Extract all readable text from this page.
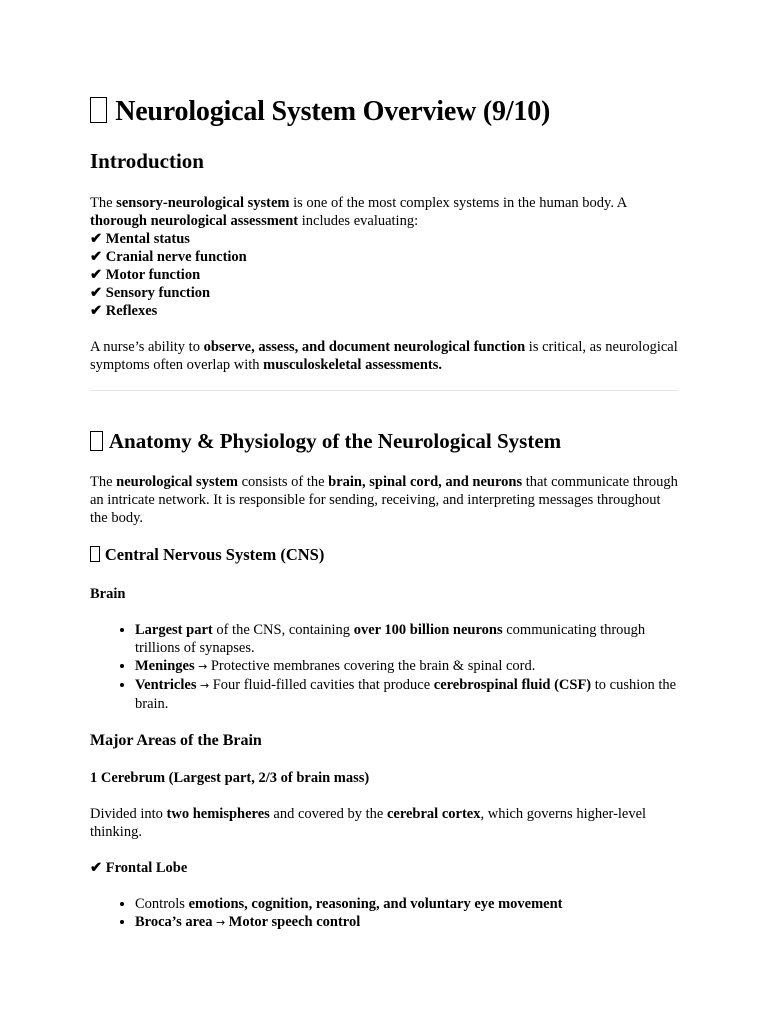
Neurological System Overview (9/10)
Introduction

The sensory-neurological system is one of the most complex systems in the human body. A thorough neurological assessment includes evaluating:

✔ Mental status
✔ Cranial nerve function
✔ Motor function
✔ Sensory function
✔ Reflexes

A nurse’s ability to observe, assess, and document neurological function is critical, as neurological symptoms often overlap with musculoskeletal assessments.

Anatomy & Physiology of the Neurological System

The neurological system consists of the brain, spinal cord, and neurons that communicate through an intricate network. It is responsible for sending, receiving, and interpreting messages throughout the body.

Central Nervous System (CNS)
Brain
• Largest part of the CNS, containing over 100 billion neurons communicating through trillions of synapses.
• Meninges → Protective membranes covering the brain & spinal cord.
• Ventricles → Four fluid-filled cavities that produce cerebrospinal fluid (CSF) to cushion the brain.
Major Areas of the Brain
1 Cerebrum (Largest part, 2/3 of brain mass)

Divided into two hemispheres and covered by the cerebral cortex, which governs higher-level thinking.

✔ Frontal Lobe
• Controls emotions, cognition, reasoning, and voluntary eye movement
• Broca’s area → Motor speech control
